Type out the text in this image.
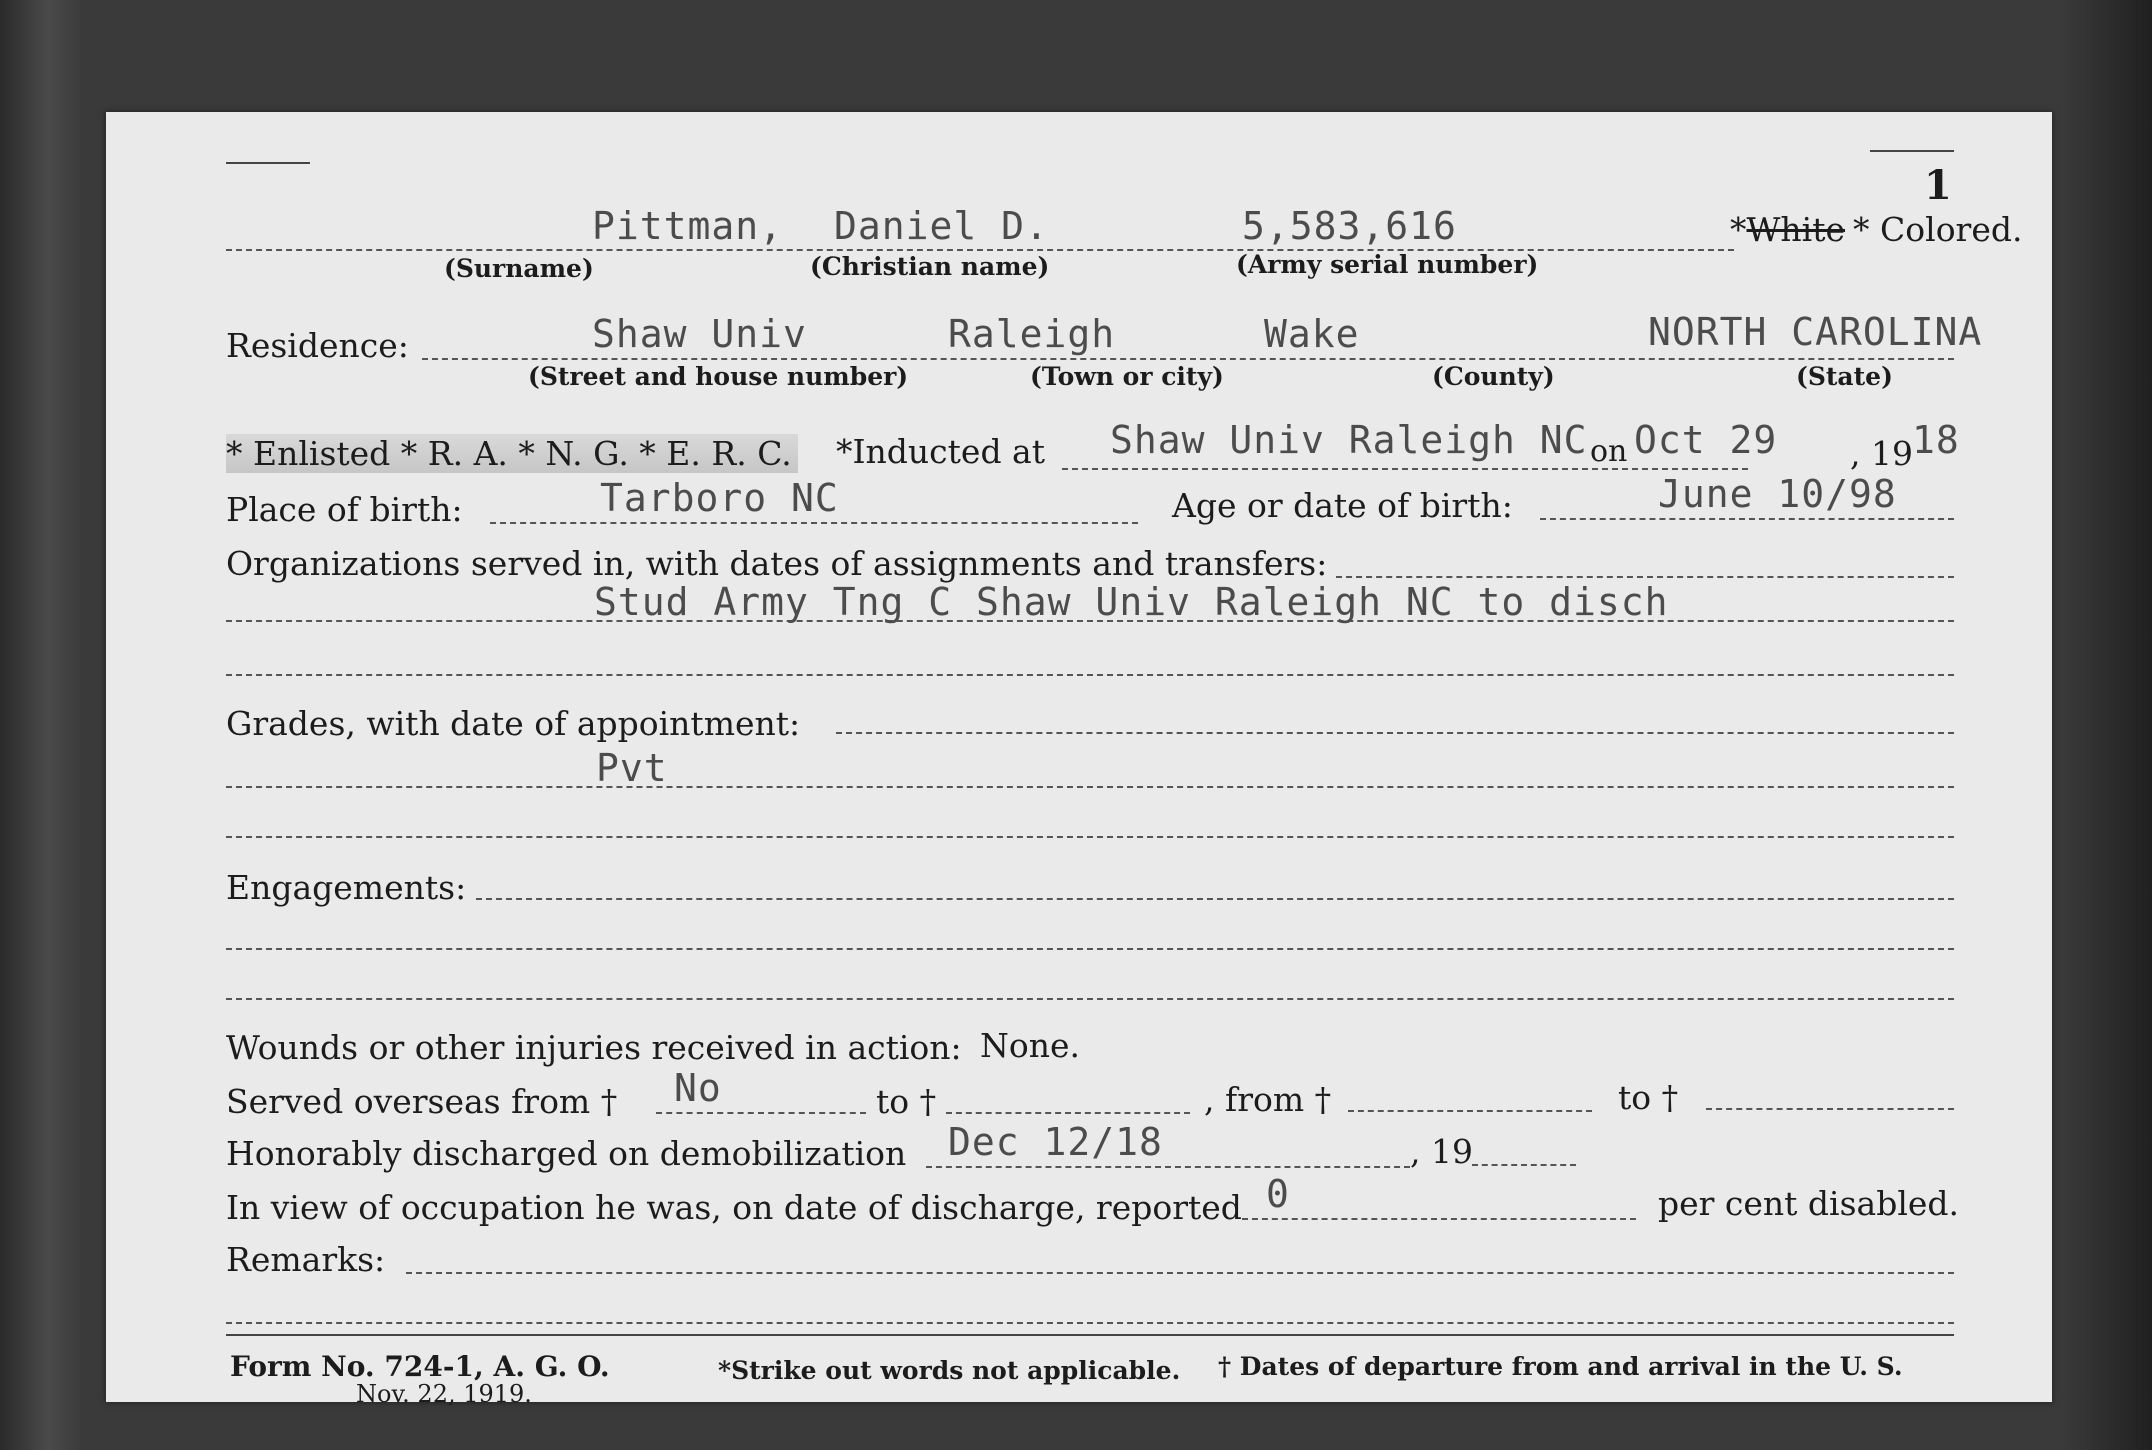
1
Pittman, Daniel D.	5,583,616	*White * Colored.
(Surname)	(Christian name)	(Army serial number)
Residence:	Shaw Univ	Raleigh	Wake	NORTH CAROLINA
(Street and house number)	(Town or city)	(County)	(State)
* Enlisted * R. A. * N. G. * E. R. C. *Inducted at Shaw Univ Raleigh NC on Oct 29 , 19 18
Place of birth:	Tarboro NC	Age or date of birth:	June 10/98
Organizations served in, with dates of assignments and transfers:
Stud Army Tng C Shaw Univ Raleigh NC to disch
Grades, with date of appointment:
Pvt
Engagements:
Wounds or other injuries received in action: None.
Served overseas from † No	to †	, from †	to †
Honorably discharged on demobilization Dec 12/18	, 19
In view of occupation he was, on date of discharge, reported 0	per cent disabled.
Remarks:
Form No. 724-1, A. G. O.
Nov. 22, 1919.
*Strike out words not applicable. † Dates of departure from and arrival in the U. S.
